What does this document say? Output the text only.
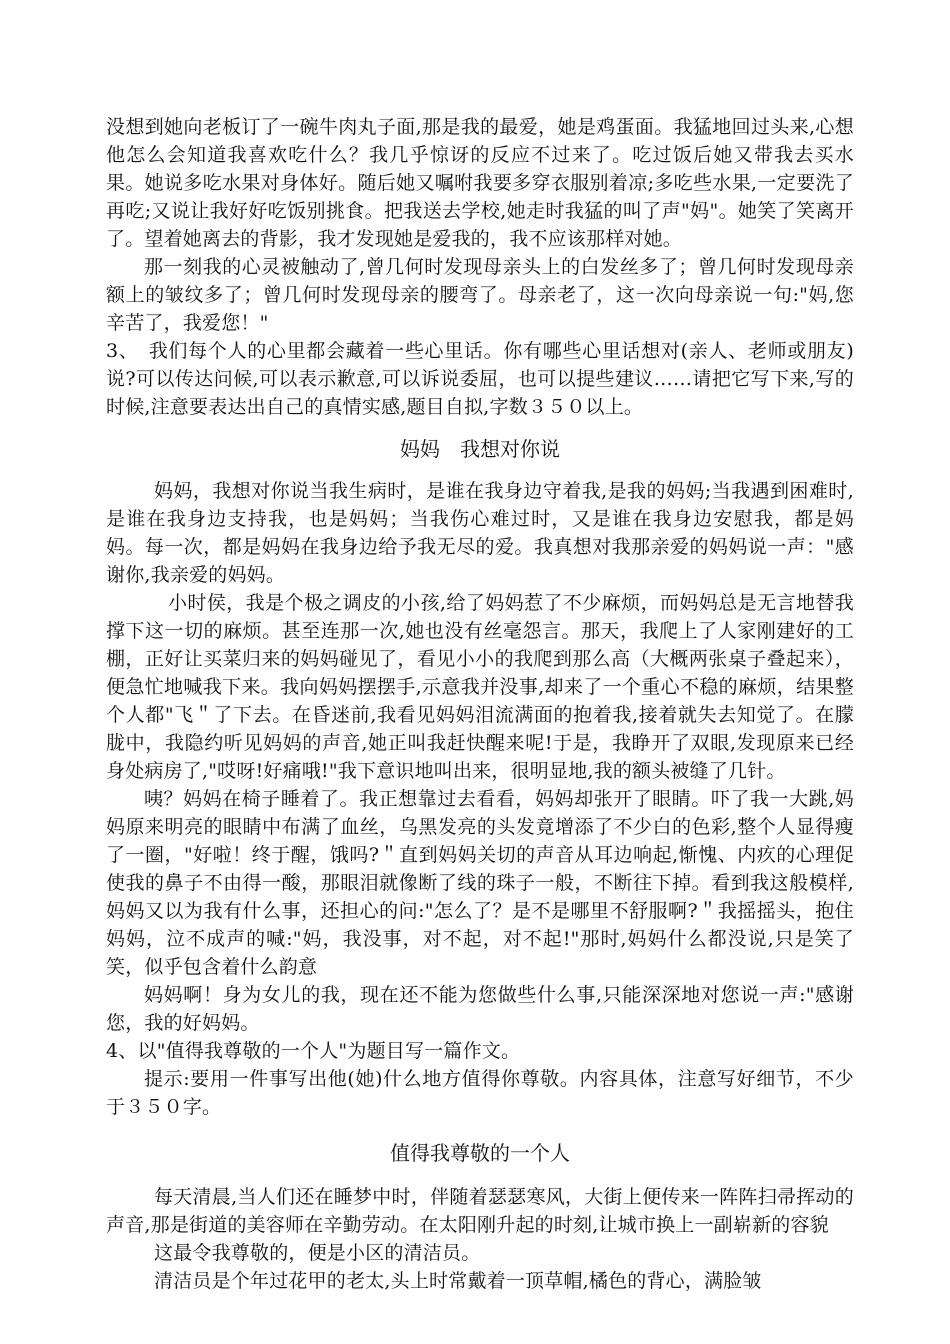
没想到她向老板订了一碗牛肉丸子面,那是我的最爱，她是鸡蛋面。我猛地回过头来,心想他怎么会知道我喜欢吃什么？我几乎惊讶的反应不过来了。吃过饭后她又带我去买水果。她说多吃水果对身体好。随后她又嘱咐我要多穿衣服别着凉;多吃些水果,一定要洗了再吃;又说让我好好吃饭别挑食。把我送去学校,她走时我猛的叫了声"妈"。她笑了笑离开了。望着她离去的背影，我才发现她是爱我的，我不应该那样对她。

那一刻我的心灵被触动了,曾几何时发现母亲头上的白发丝多了；曾几何时发现母亲额上的皱纹多了；曾几何时发现母亲的腰弯了。母亲老了，这一次向母亲说一句:"妈,您辛苦了，我爱您！"

3、　我们每个人的心里都会藏着一些心里话。你有哪些心里话想对(亲人、老师或朋友)说?可以传达问候,可以表示歉意,可以诉说委屈，也可以提些建议……请把它写下来,写的时候,注意要表达出自己的真情实感,题目自拟,字数３５０以上。

妈妈　我想对你说

妈妈，我想对你说当我生病时，是谁在我身边守着我,是我的妈妈;当我遇到困难时,是谁在我身边支持我，也是妈妈；当我伤心难过时，又是谁在我身边安慰我，都是妈妈。每一次，都是妈妈在我身边给予我无尽的爱。我真想对我那亲爱的妈妈说一声："感谢你,我亲爱的妈妈。

小时侯，我是个极之调皮的小孩,给了妈妈惹了不少麻烦，而妈妈总是无言地替我撑下这一切的麻烦。甚至连那一次,她也没有丝毫怨言。那天，我爬上了人家刚建好的工棚，正好让买菜归来的妈妈碰见了，看见小小的我爬到那么高（大概两张桌子叠起来），便急忙地喊我下来。我向妈妈摆摆手,示意我并没事,却来了一个重心不稳的麻烦，结果整个人都"飞＂了下去。在昏迷前,我看见妈妈泪流满面的抱着我,接着就失去知觉了。在朦胧中，我隐约听见妈妈的声音,她正叫我赶快醒来呢!于是，我睁开了双眼,发现原来已经身处病房了,"哎呀!好痛哦!"我下意识地叫出来，很明显地,我的额头被缝了几针。

咦？妈妈在椅子睡着了。我正想靠过去看看，妈妈却张开了眼睛。吓了我一大跳,妈妈原来明亮的眼睛中布满了血丝，乌黑发亮的头发竟增添了不少白的色彩,整个人显得瘦了一圈，"好啦！终于醒，饿吗?＂直到妈妈关切的声音从耳边响起,惭愧、内疚的心理促使我的鼻子不由得一酸，那眼泪就像断了线的珠子一般，不断往下掉。看到我这般模样,妈妈又以为我有什么事，还担心的问:"怎么了？是不是哪里不舒服啊?＂我摇摇头，抱住妈妈，泣不成声的喊:"妈，我没事，对不起，对不起!"那时,妈妈什么都没说,只是笑了笑，似乎包含着什么韵意

妈妈啊！身为女儿的我，现在还不能为您做些什么事,只能深深地对您说一声:"感谢您，我的好妈妈。

4、以"值得我尊敬的一个人"为题目写一篇作文。

提示:要用一件事写出他(她)什么地方值得你尊敬。内容具体，注意写好细节，不少于３５０字。

值得我尊敬的一个人

每天清晨,当人们还在睡梦中时，伴随着瑟瑟寒风，大街上便传来一阵阵扫帚挥动的声音,那是街道的美容师在辛勤劳动。在太阳刚升起的时刻,让城市换上一副崭新的容貌

这最令我尊敬的，便是小区的清洁员。

清洁员是个年过花甲的老太,头上时常戴着一顶草帽,橘色的背心，满脸皱
